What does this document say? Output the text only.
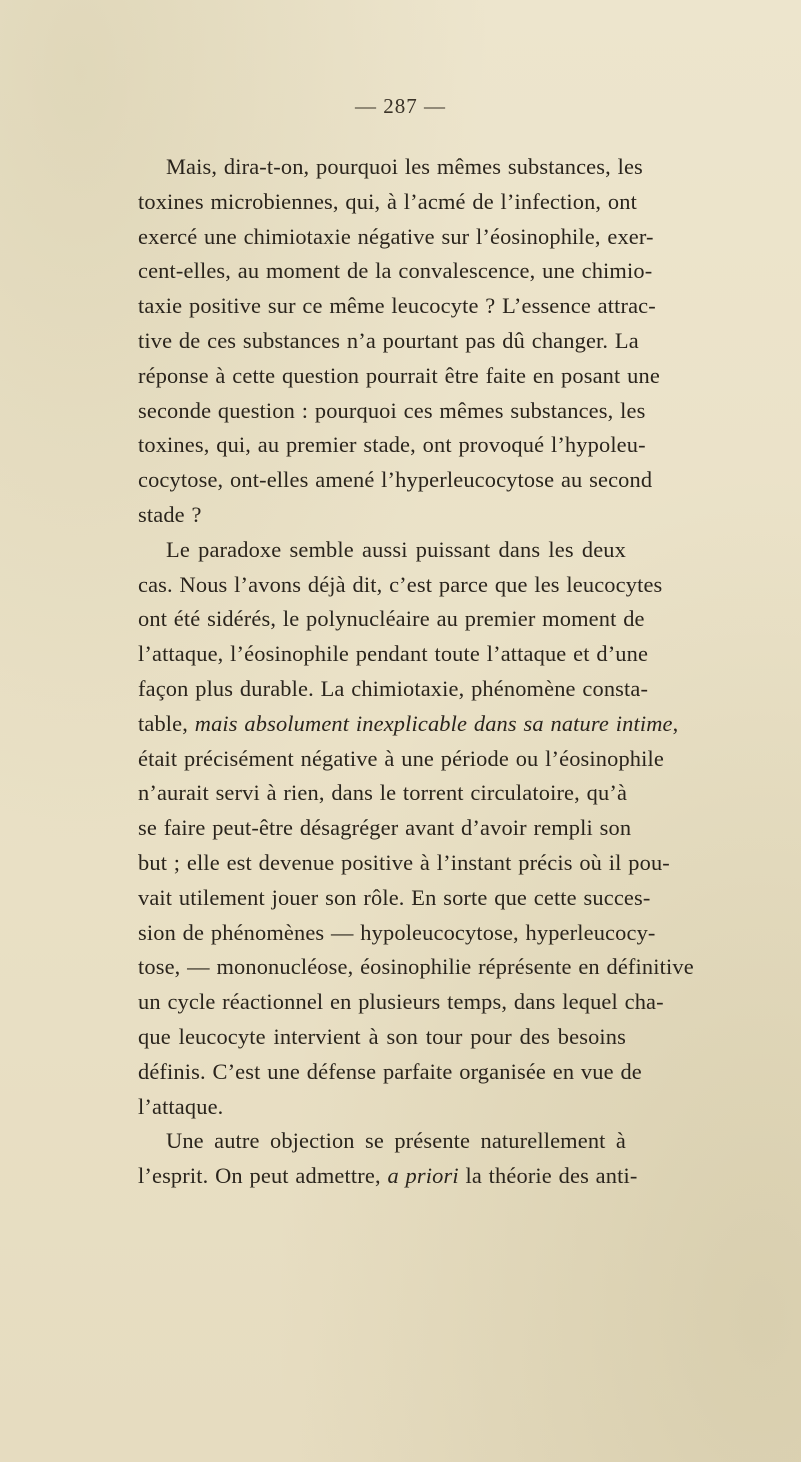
— 287 —
Mais, dira-t-on, pourquoi les mêmes substances, les
toxines microbiennes, qui, à l’acmé de l’infection, ont
exercé une chimiotaxie négative sur l’éosinophile, exer-
cent-elles, au moment de la convalescence, une chimio-
taxie positive sur ce même leucocyte ? L’essence attrac-
tive de ces substances n’a pourtant pas dû changer. La
réponse à cette question pourrait être faite en posant une
seconde question : pourquoi ces mêmes substances, les
toxines, qui, au premier stade, ont provoqué l’hypoleu-
cocytose, ont-elles amené l’hyperleucocytose au second
stade ?
Le paradoxe semble aussi puissant dans les deux
cas. Nous l’avons déjà dit, c’est parce que les leucocytes
ont été sidérés, le polynucléaire au premier moment de
l’attaque, l’éosinophile pendant toute l’attaque et d’une
façon plus durable. La chimiotaxie, phénomène consta-
table, mais absolument inexplicable dans sa nature intime,
était précisément négative à une période ou l’éosinophile
n’aurait servi à rien, dans le torrent circulatoire, qu’à
se faire peut-être désagréger avant d’avoir rempli son
but ; elle est devenue positive à l’instant précis où il pou-
vait utilement jouer son rôle. En sorte que cette succes-
sion de phénomènes — hypoleucocytose, hyperleucocy-
tose, — mononucléose, éosinophilie réprésente en définitive
un cycle réactionnel en plusieurs temps, dans lequel cha-
que leucocyte intervient à son tour pour des besoins
définis. C’est une défense parfaite organisée en vue de
l’attaque.
Une autre objection se présente naturellement à
l’esprit. On peut admettre, a priori la théorie des anti-
